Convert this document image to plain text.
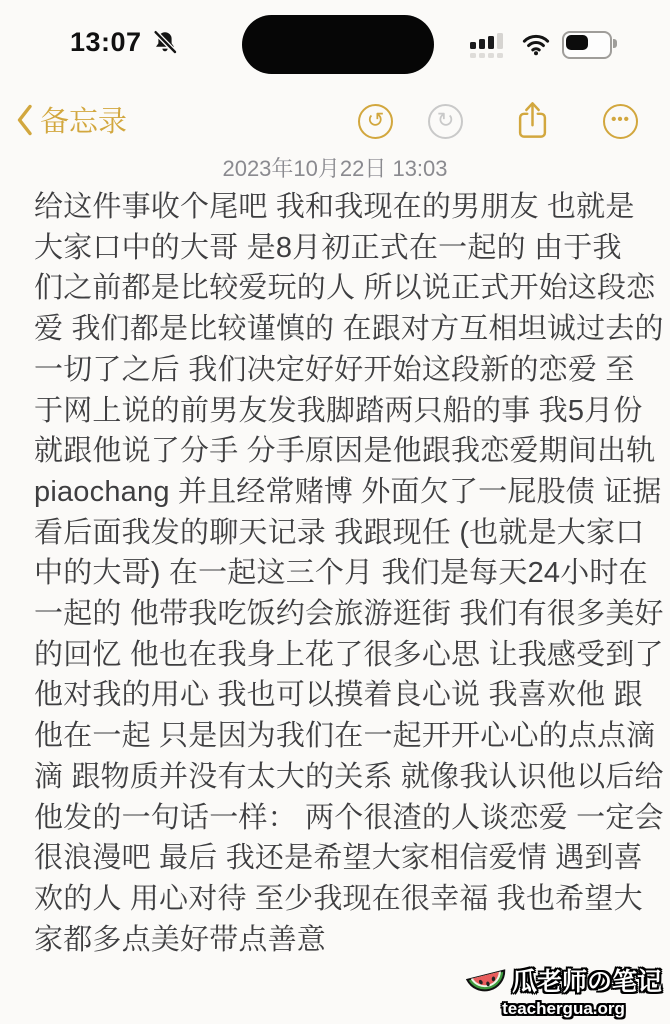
13:07
备忘录	↺ ↻	•••
2023年10月22日 13:03
给这件事收个尾吧 我和我现在的男朋友 也就是
大家口中的大哥 是8月初正式在一起的 由于我
们之前都是比较爱玩的人 所以说正式开始这段恋
爱 我们都是比较谨慎的 在跟对方互相坦诚过去的
一切了之后 我们决定好好开始这段新的恋爱 至
于网上说的前男友发我脚踏两只船的事 我5月份
就跟他说了分手 分手原因是他跟我恋爱期间出轨
piaochang 并且经常赌博 外面欠了一屁股债 证据
看后面我发的聊天记录 我跟现任 (也就是大家口
中的大哥) 在一起这三个月 我们是每天24小时在
一起的 他带我吃饭约会旅游逛街 我们有很多美好
的回忆 他也在我身上花了很多心思 让我感受到了
他对我的用心 我也可以摸着良心说 我喜欢他 跟
他在一起 只是因为我们在一起开开心心的点点滴
滴 跟物质并没有太大的关系 就像我认识他以后给
他发的一句话一样： 两个很渣的人谈恋爱 一定会
很浪漫吧 最后 我还是希望大家相信爱情 遇到喜
欢的人 用心对待 至少我现在很幸福 我也希望大
家都多点美好带点善意
瓜老师の笔记
teachergua.org
